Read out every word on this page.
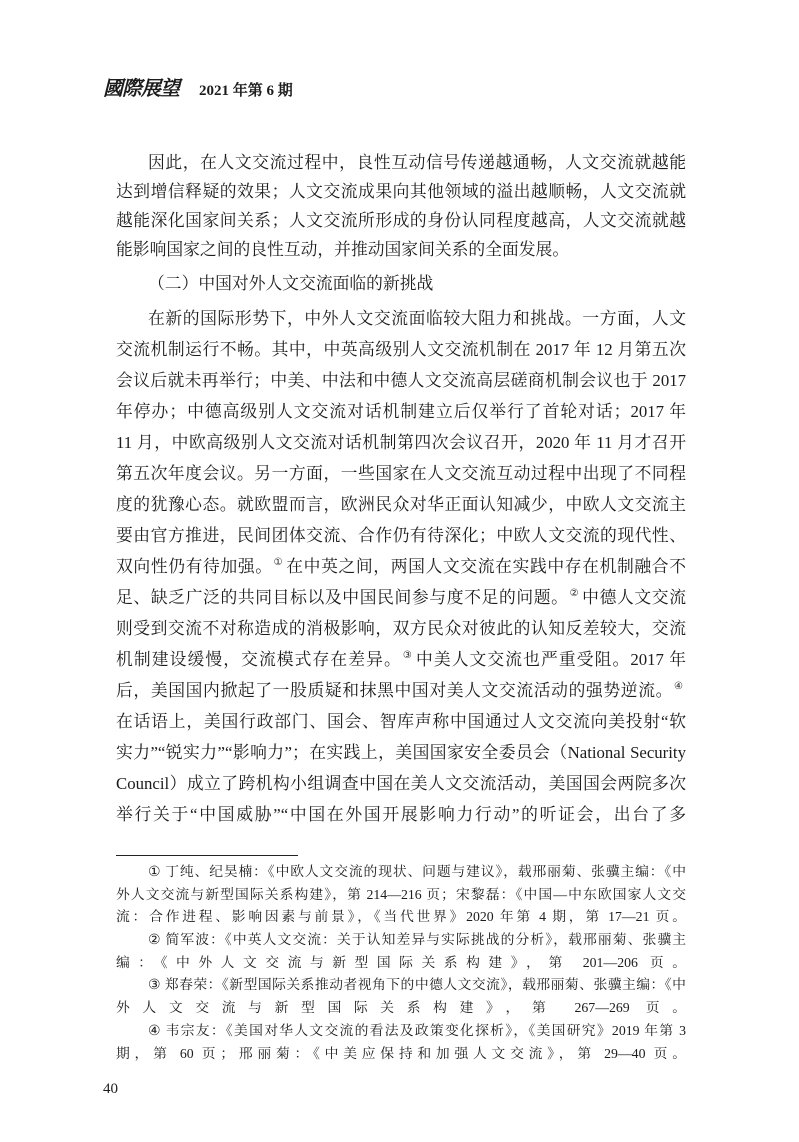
國際展望 2021 年第 6 期
因此，在人文交流过程中，良性互动信号传递越通畅，人文交流就越能
达到增信释疑的效果；人文交流成果向其他领域的溢出越顺畅，人文交流就
越能深化国家间关系；人文交流所形成的身份认同程度越高，人文交流就越
能影响国家之间的良性互动，并推动国家间关系的全面发展。
（二）中国对外人文交流面临的新挑战
在新的国际形势下，中外人文交流面临较大阻力和挑战。一方面，人文
交流机制运行不畅。其中，中英高级别人文交流机制在 2017 年 12 月第五次
会议后就未再举行；中美、中法和中德人文交流高层磋商机制会议也于 2017
年停办；中德高级别人文交流对话机制建立后仅举行了首轮对话；2017 年
11 月，中欧高级别人文交流对话机制第四次会议召开，2020 年 11 月才召开
第五次年度会议。另一方面，一些国家在人文交流互动过程中出现了不同程
度的犹豫心态。就欧盟而言，欧洲民众对华正面认知减少，中欧人文交流主
要由官方推进，民间团体交流、合作仍有待深化；中欧人文交流的现代性、
双向性仍有待加强。① 在中英之间，两国人文交流在实践中存在机制融合不
足、缺乏广泛的共同目标以及中国民间参与度不足的问题。② 中德人文交流
则受到交流不对称造成的消极影响，双方民众对彼此的认知反差较大，交流
机制建设缓慢，交流模式存在差异。③ 中美人文交流也严重受阻。2017 年
后，美国国内掀起了一股质疑和抹黑中国对美人文交流活动的强势逆流。④
在话语上，美国行政部门、国会、智库声称中国通过人文交流向美投射“软
实力”“锐实力”“影响力”；在实践上，美国国家安全委员会（National Security
Council）成立了跨机构小组调查中国在美人文交流活动，美国国会两院多次
举行关于“中国威胁”“中国在外国开展影响力行动”的听证会，出台了多
① 丁纯、纪昊楠：《中欧人文交流的现状、问题与建议》，载邢丽菊、张骥主编：《中
外人文交流与新型国际关系构建》，第 214—216 页；宋黎磊：《中国—中东欧国家人文交
流：合作进程、影响因素与前景》，《当代世界》2020 年第 4 期，第 17—21 页。
② 简军波：《中英人文交流：关于认知差异与实际挑战的分析》，载邢丽菊、张骥主
编：《中外人文交流与新型国际关系构建》，第 201—206 页。
③ 郑春荣：《新型国际关系推动者视角下的中德人文交流》，载邢丽菊、张骥主编：《中
外人文交流与新型国际关系构建》，第 267—269 页。
④ 韦宗友：《美国对华人文交流的看法及政策变化探析》，《美国研究》2019 年第 3
期，第 60 页；邢丽菊：《中美应保持和加强人文交流》，第 29—40 页。
40
